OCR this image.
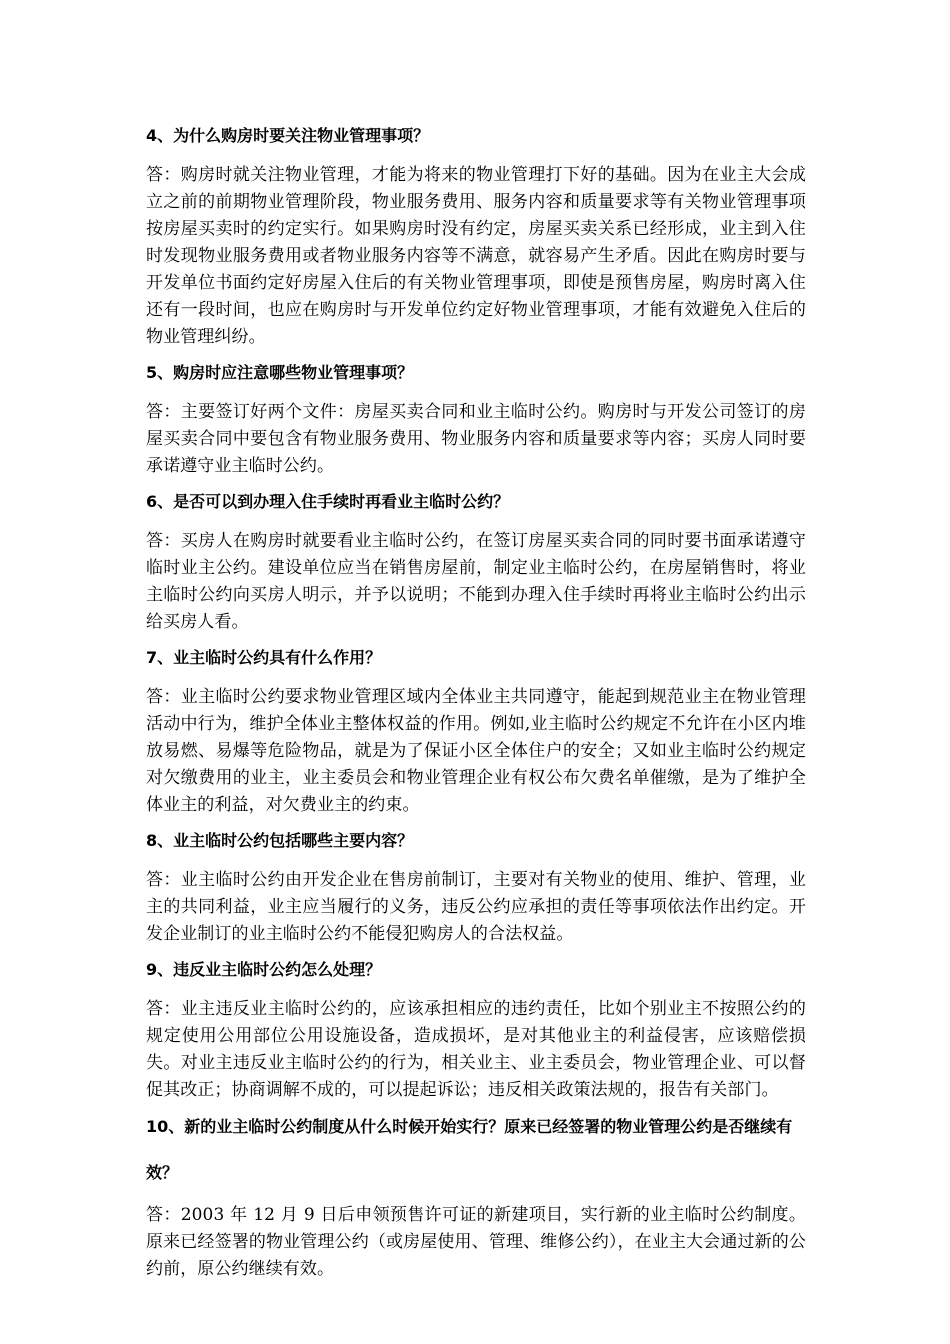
4、为什么购房时要关注物业管理事项？
答：购房时就关注物业管理，才能为将来的物业管理打下好的基础。因为在业主大会成立之前的前期物业管理阶段，物业服务费用、服务内容和质量要求等有关物业管理事项按房屋买卖时的约定实行。如果购房时没有约定，房屋买卖关系已经形成，业主到入住时发现物业服务费用或者物业服务内容等不满意，就容易产生矛盾。因此在购房时要与开发单位书面约定好房屋入住后的有关物业管理事项，即使是预售房屋，购房时离入住还有一段时间，也应在购房时与开发单位约定好物业管理事项，才能有效避免入住后的物业管理纠纷。
5、购房时应注意哪些物业管理事项？
答：主要签订好两个文件：房屋买卖合同和业主临时公约。购房时与开发公司签订的房屋买卖合同中要包含有物业服务费用、物业服务内容和质量要求等内容；买房人同时要承诺遵守业主临时公约。
6、是否可以到办理入住手续时再看业主临时公约？
答：买房人在购房时就要看业主临时公约，在签订房屋买卖合同的同时要书面承诺遵守临时业主公约。建设单位应当在销售房屋前，制定业主临时公约，在房屋销售时，将业主临时公约向买房人明示，并予以说明；不能到办理入住手续时再将业主临时公约出示给买房人看。
7、业主临时公约具有什么作用？
答：业主临时公约要求物业管理区域内全体业主共同遵守，能起到规范业主在物业管理活动中行为，维护全体业主整体权益的作用。例如,业主临时公约规定不允许在小区内堆放易燃、易爆等危险物品，就是为了保证小区全体住户的安全；又如业主临时公约规定对欠缴费用的业主，业主委员会和物业管理企业有权公布欠费名单催缴，是为了维护全体业主的利益，对欠费业主的约束。
8、业主临时公约包括哪些主要内容？
答：业主临时公约由开发企业在售房前制订，主要对有关物业的使用、维护、管理，业主的共同利益，业主应当履行的义务，违反公约应承担的责任等事项依法作出约定。开发企业制订的业主临时公约不能侵犯购房人的合法权益。
9、违反业主临时公约怎么处理？
答：业主违反业主临时公约的，应该承担相应的违约责任，比如个别业主不按照公约的规定使用公用部位公用设施设备，造成损坏，是对其他业主的利益侵害，应该赔偿损失。对业主违反业主临时公约的行为，相关业主、业主委员会，物业管理企业、可以督促其改正；协商调解不成的，可以提起诉讼；违反相关政策法规的，报告有关部门。
10、新的业主临时公约制度从什么时候开始实行？原来已经签署的物业管理公约是否继续有效？
答：2003 年 12 月 9 日后申领预售许可证的新建项目，实行新的业主临时公约制度。原来已经签署的物业管理公约（或房屋使用、管理、维修公约），在业主大会通过新的公约前，原公约继续有效。
